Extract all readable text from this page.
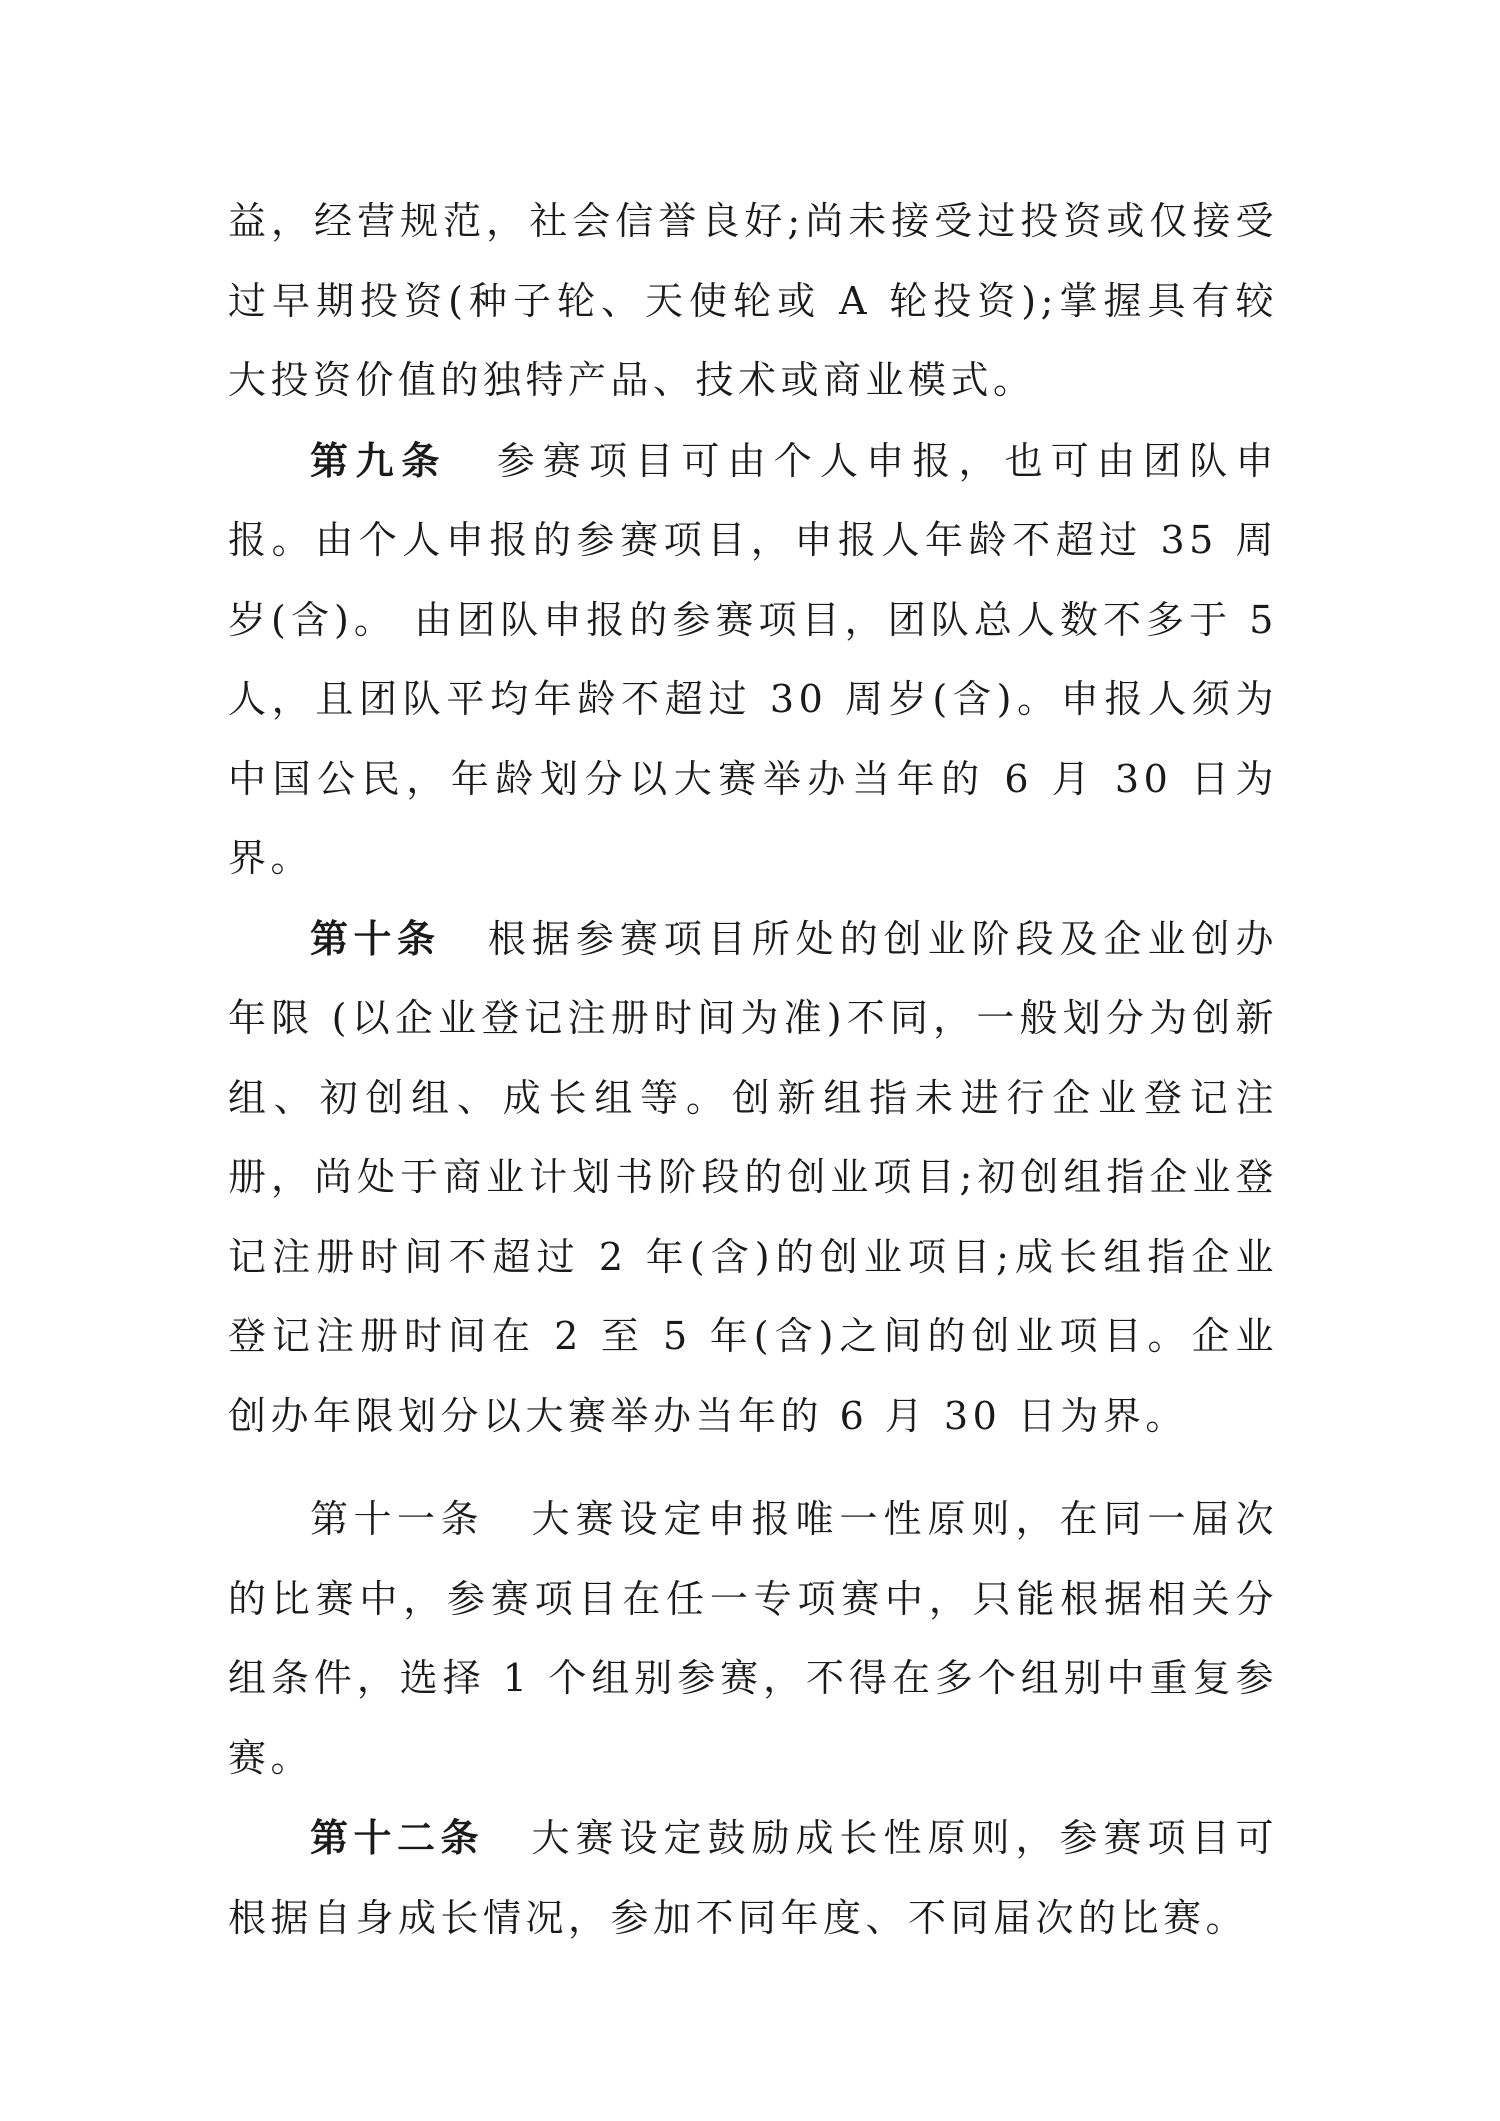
益，经营规范，社会信誉良好;尚未接受过投资或仅接受过早期投资(种子轮、天使轮或 A 轮投资);掌握具有较大投资价值的独特产品、技术或商业模式。

第九条 参赛项目可由个人申报，也可由团队申报。由个人申报的参赛项目，申报人年龄不超过 35 周岁(含)。 由团队申报的参赛项目，团队总人数不多于 5 人，且团队平均年龄不超过 30 周岁(含)。申报人须为中国公民，年龄划分以大赛举办当年的 6 月 30 日为界。

第十条 根据参赛项目所处的创业阶段及企业创办年限 (以企业登记注册时间为准)不同，一般划分为创新组、初创组、成长组等。创新组指未进行企业登记注册，尚处于商业计划书阶段的创业项目;初创组指企业登记注册时间不超过 2 年(含)的创业项目;成长组指企业登记注册时间在 2 至 5 年(含)之间的创业项目。企业创办年限划分以大赛举办当年的 6 月 30 日为界。

第十一条 大赛设定申报唯一性原则，在同一届次的比赛中，参赛项目在任一专项赛中，只能根据相关分组条件，选择 1 个组别参赛，不得在多个组别中重复参赛。

第十二条 大赛设定鼓励成长性原则，参赛项目可根据自身成长情况，参加不同年度、不同届次的比赛。
